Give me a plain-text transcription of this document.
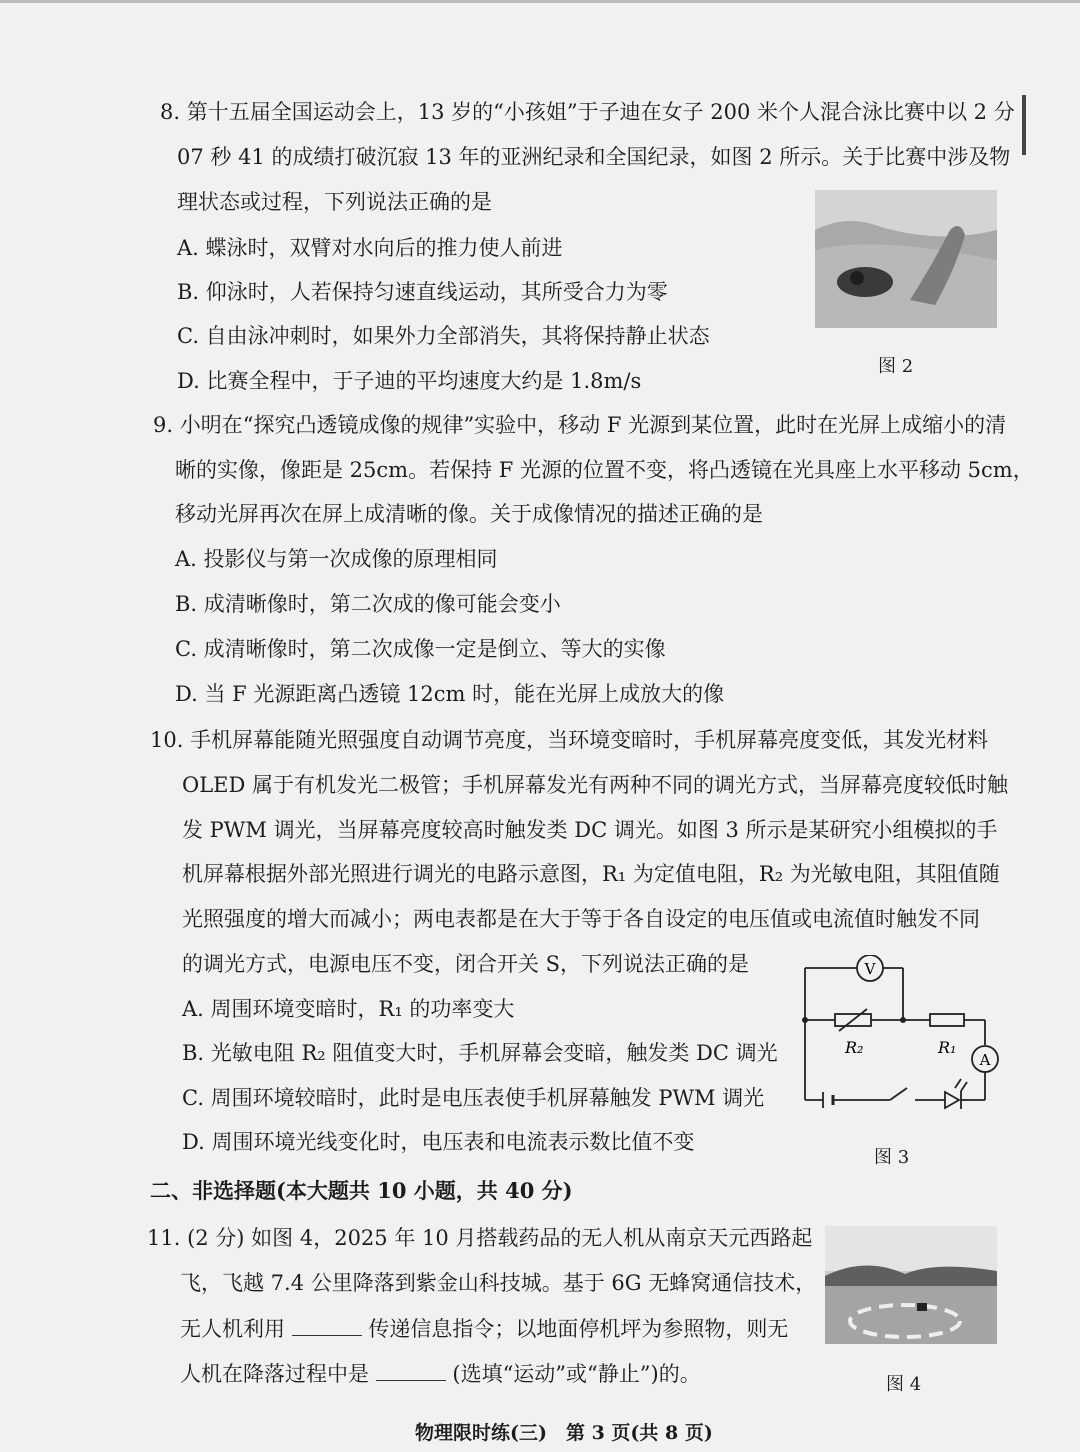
8. 第十五届全国运动会上，13 岁的“小孩姐”于子迪在女子 200 米个人混合泳比赛中以 2 分
07 秒 41 的成绩打破沉寂 13 年的亚洲纪录和全国纪录，如图 2 所示。关于比赛中涉及物
理状态或过程，下列说法正确的是
A. 蝶泳时，双臂对水向后的推力使人前进
B. 仰泳时，人若保持匀速直线运动，其所受合力为零
C. 自由泳冲刺时，如果外力全部消失，其将保持静止状态
D. 比赛全程中，于子迪的平均速度大约是 1.8m/s
图 2
9. 小明在“探究凸透镜成像的规律”实验中，移动 F 光源到某位置，此时在光屏上成缩小的清
晰的实像，像距是 25cm。若保持 F 光源的位置不变，将凸透镜在光具座上水平移动 5cm，
移动光屏再次在屏上成清晰的像。关于成像情况的描述正确的是
A. 投影仪与第一次成像的原理相同
B. 成清晰像时，第二次成的像可能会变小
C. 成清晰像时，第二次成像一定是倒立、等大的实像
D. 当 F 光源距离凸透镜 12cm 时，能在光屏上成放大的像
10. 手机屏幕能随光照强度自动调节亮度，当环境变暗时，手机屏幕亮度变低，其发光材料
OLED 属于有机发光二极管；手机屏幕发光有两种不同的调光方式，当屏幕亮度较低时触
发 PWM 调光，当屏幕亮度较高时触发类 DC 调光。如图 3 所示是某研究小组模拟的手
机屏幕根据外部光照进行调光的电路示意图，R₁ 为定值电阻，R₂ 为光敏电阻，其阻值随
光照强度的增大而减小；两电表都是在大于等于各自设定的电压值或电流值时触发不同
的调光方式，电源电压不变，闭合开关 S，下列说法正确的是
A. 周围环境变暗时，R₁ 的功率变大
B. 光敏电阻 R₂ 阻值变大时，手机屏幕会变暗，触发类 DC 调光
C. 周围环境较暗时，此时是电压表使手机屏幕触发 PWM 调光
D. 周围环境光线变化时，电压表和电流表示数比值不变
V
A
R₂	R₁
图 3
二、非选择题(本大题共 10 小题，共 40 分)
11. (2 分) 如图 4，2025 年 10 月搭载药品的无人机从南京天元西路起
飞，飞越 7.4 公里降落到紫金山科技城。基于 6G 无蜂窝通信技术，
无人机利用	传递信息指令；以地面停机坪为参照物，则无
人机在降落过程中是	(选填“运动”或“静止”)的。	图 4
物理限时练(三)　第 3 页(共 8 页)
